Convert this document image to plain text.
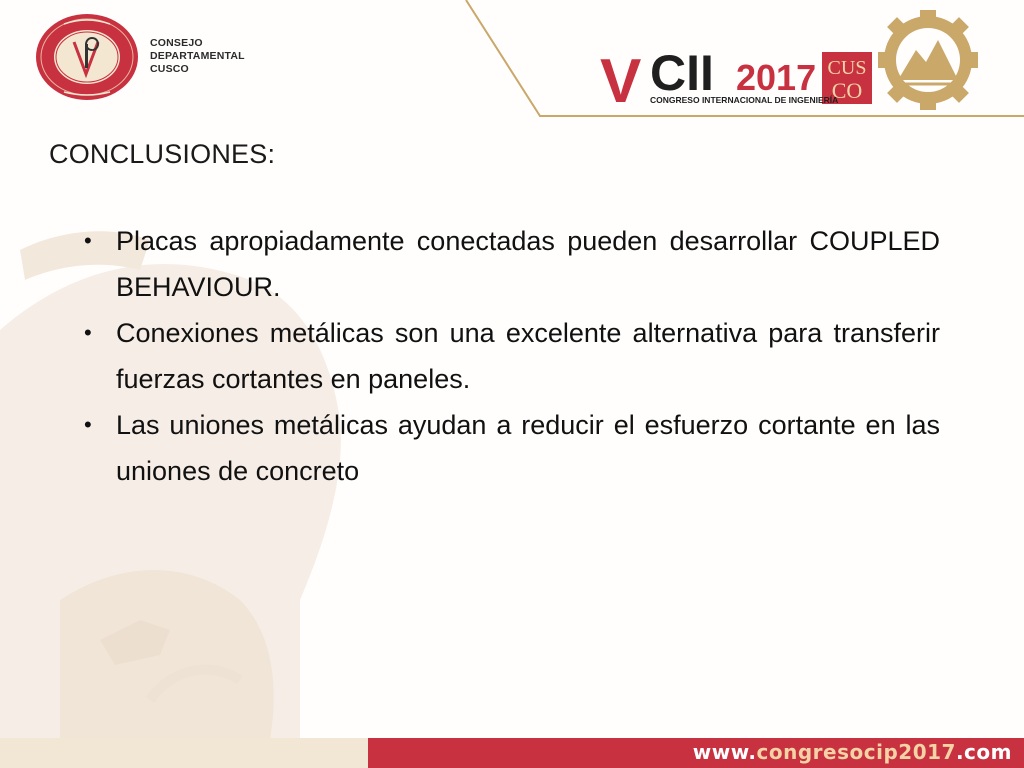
CONSEJO
DEPARTAMENTAL
CUSCO	CUS
CO
V CII 2017
CONGRESO INTERNACIONAL DE INGENIERÍA
CONCLUSIONES:
• Placas apropiadamente conectadas pueden desarrollar COUPLED BEHAVIOUR.
• Conexiones metálicas son una excelente alternativa para transferir fuerzas cortantes en paneles.
• Las uniones metálicas ayudan a reducir el esfuerzo cortante en las uniones de concreto
www.congresocip2017.com
